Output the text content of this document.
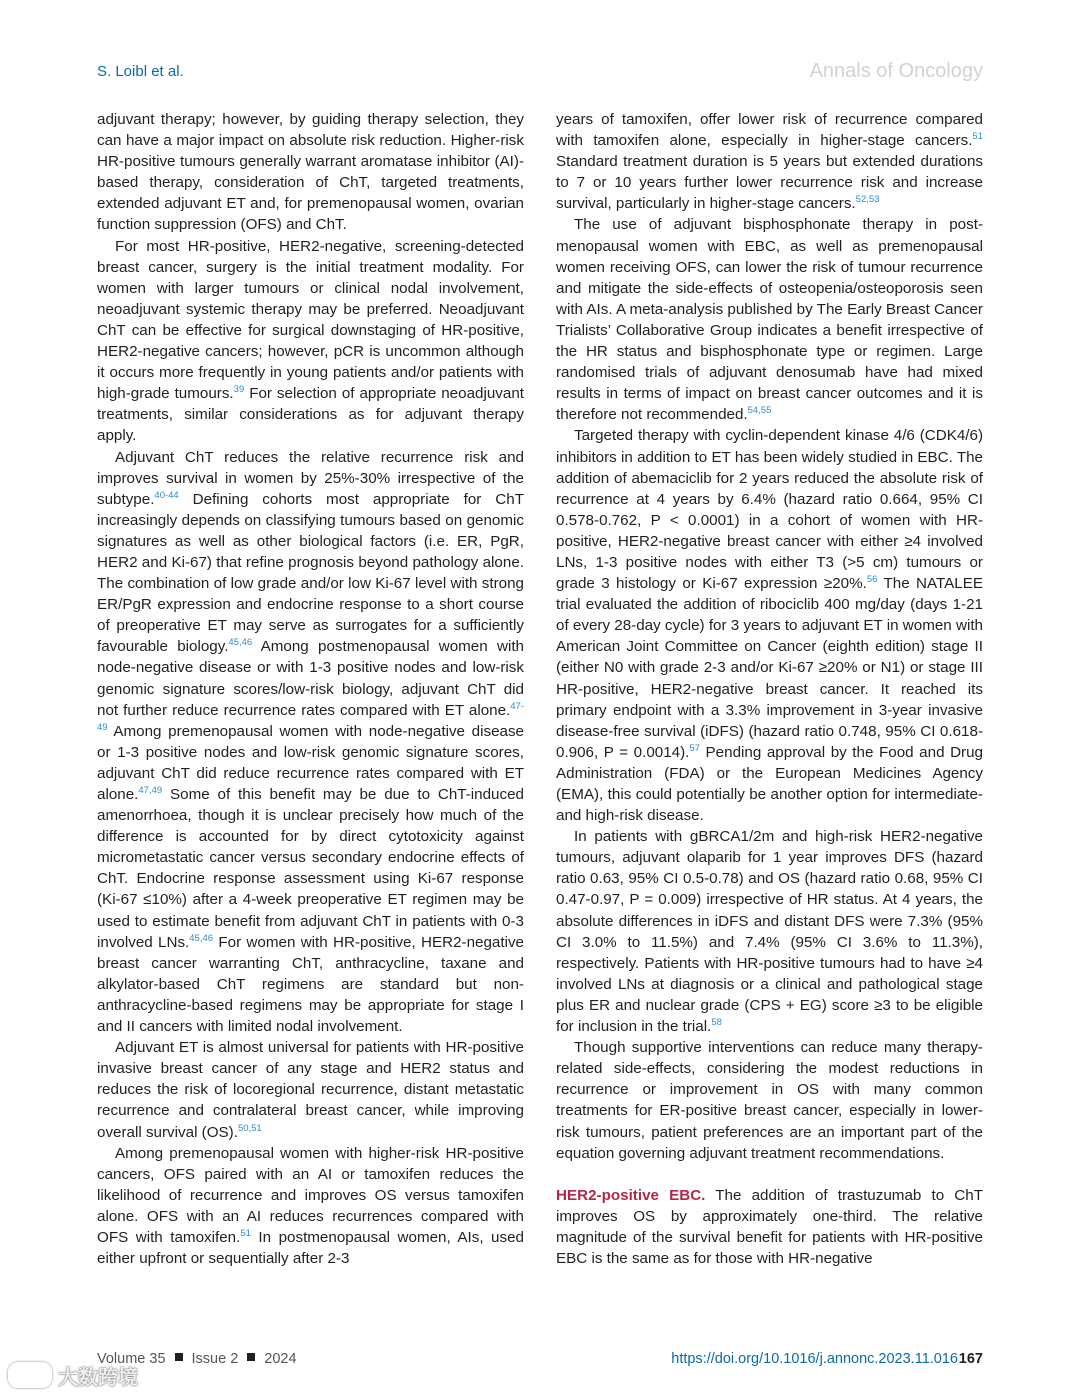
S. Loibl et al.	Annals of Oncology

adjuvant therapy; however, by guiding therapy selection, they can have a major impact on absolute risk reduction. Higher-risk HR-positive tumours generally warrant aromatase inhibitor (AI)-based therapy, consideration of ChT, targeted treatments, extended adjuvant ET and, for premenopausal women, ovarian function suppression (OFS) and ChT.

For most HR-positive, HER2-negative, screening-detected breast cancer, surgery is the initial treatment modality. For women with larger tumours or clinical nodal involvement, neoadjuvant systemic therapy may be preferred. Neoadjuvant ChT can be effective for surgical downstaging of HR-positive, HER2-negative cancers; however, pCR is uncommon although it occurs more frequently in young patients and/or patients with high-grade tumours.$^{39}$ For selection of appropriate neoadjuvant treatments, similar considerations as for adjuvant therapy apply.

Adjuvant ChT reduces the relative recurrence risk and improves survival in women by 25%-30% irrespective of the subtype.$^{40-44}$ Defining cohorts most appropriate for ChT increasingly depends on classifying tumours based on genomic signatures as well as other biological factors (i.e. ER, PgR, HER2 and Ki-67) that refine prognosis beyond pathology alone. The combination of low grade and/or low Ki-67 level with strong ER/PgR expression and endocrine response to a short course of preoperative ET may serve as surrogates for a sufficiently favourable biology.$^{45,46}$ Among postmenopausal women with node-negative disease or with 1-3 positive nodes and low-risk genomic signature scores/low-risk biology, adjuvant ChT did not further reduce recurrence rates compared with ET alone.$^{47-49}$ Among premenopausal women with node-negative disease or 1-3 positive nodes and low-risk genomic signature scores, adjuvant ChT did reduce recurrence rates compared with ET alone.$^{47,49}$ Some of this benefit may be due to ChT-induced amenorrhoea, though it is unclear precisely how much of the difference is accounted for by direct cytotoxicity against micrometastatic cancer versus secondary endocrine effects of ChT. Endocrine response assessment using Ki-67 response (Ki-67 ≤10%) after a 4-week preoperative ET regimen may be used to estimate benefit from adjuvant ChT in patients with 0-3 involved LNs.$^{45,46}$ For women with HR-positive, HER2-negative breast cancer warranting ChT, anthracycline, taxane and alkylator-based ChT regimens are standard but non-anthracycline-based regimens may be appropriate for stage I and II cancers with limited nodal involvement.

Adjuvant ET is almost universal for patients with HR-positive invasive breast cancer of any stage and HER2 status and reduces the risk of locoregional recurrence, distant metastatic recurrence and contralateral breast cancer, while improving overall survival (OS).$^{50,51}$

Among premenopausal women with higher-risk HR-positive cancers, OFS paired with an AI or tamoxifen reduces the likelihood of recurrence and improves OS versus tamoxifen alone. OFS with an AI reduces recurrences compared with OFS with tamoxifen.$^{51}$ In postmenopausal women, AIs, used either upfront or sequentially after 2-3

years of tamoxifen, offer lower risk of recurrence compared with tamoxifen alone, especially in higher-stage cancers.$^{51}$ Standard treatment duration is 5 years but extended durations to 7 or 10 years further lower recurrence risk and increase survival, particularly in higher-stage cancers.$^{52,53}$

The use of adjuvant bisphosphonate therapy in postmenopausal women with EBC, as well as premenopausal women receiving OFS, can lower the risk of tumour recurrence and mitigate the side-effects of osteopenia/osteoporosis seen with AIs. A meta-analysis published by The Early Breast Cancer Trialists’ Collaborative Group indicates a benefit irrespective of the HR status and bisphosphonate type or regimen. Large randomised trials of adjuvant denosumab have had mixed results in terms of impact on breast cancer outcomes and it is therefore not recommended.$^{54,55}$

Targeted therapy with cyclin-dependent kinase 4/6 (CDK4/6) inhibitors in addition to ET has been widely studied in EBC. The addition of abemaciclib for 2 years reduced the absolute risk of recurrence at 4 years by 6.4% (hazard ratio 0.664, 95% CI 0.578-0.762, P < 0.0001) in a cohort of women with HR-positive, HER2-negative breast cancer with either ≥4 involved LNs, 1-3 positive nodes with either T3 (>5 cm) tumours or grade 3 histology or Ki-67 expression ≥20%.$^{56}$ The NATALEE trial evaluated the addition of ribociclib 400 mg/day (days 1-21 of every 28-day cycle) for 3 years to adjuvant ET in women with American Joint Committee on Cancer (eighth edition) stage II (either N0 with grade 2-3 and/or Ki-67 ≥20% or N1) or stage III HR-positive, HER2-negative breast cancer. It reached its primary endpoint with a 3.3% improvement in 3-year invasive disease-free survival (iDFS) (hazard ratio 0.748, 95% CI 0.618-0.906, P = 0.0014).$^{57}$ Pending approval by the Food and Drug Administration (FDA) or the European Medicines Agency (EMA), this could potentially be another option for intermediate- and high-risk disease.

In patients with gBRCA1/2m and high-risk HER2-negative tumours, adjuvant olaparib for 1 year improves DFS (hazard ratio 0.63, 95% CI 0.5-0.78) and OS (hazard ratio 0.68, 95% CI 0.47-0.97, P = 0.009) irrespective of HR status. At 4 years, the absolute differences in iDFS and distant DFS were 7.3% (95% CI 3.0% to 11.5%) and 7.4% (95% CI 3.6% to 11.3%), respectively. Patients with HR-positive tumours had to have ≥4 involved LNs at diagnosis or a clinical and pathological stage plus ER and nuclear grade (CPS + EG) score ≥3 to be eligible for inclusion in the trial.$^{58}$

Though supportive interventions can reduce many therapy-related side-effects, considering the modest reductions in recurrence or improvement in OS with many common treatments for ER-positive breast cancer, especially in lower-risk tumours, patient preferences are an important part of the equation governing adjuvant treatment recommendations.

HER2-positive EBC. The addition of trastuzumab to ChT improves OS by approximately one-third. The relative magnitude of the survival benefit for patients with HR-positive EBC is the same as for those with HR-negative

Volume 35 Issue 2 2024	https://doi.org/10.1016/j.annonc.2023.11.016 167
大数跨境
